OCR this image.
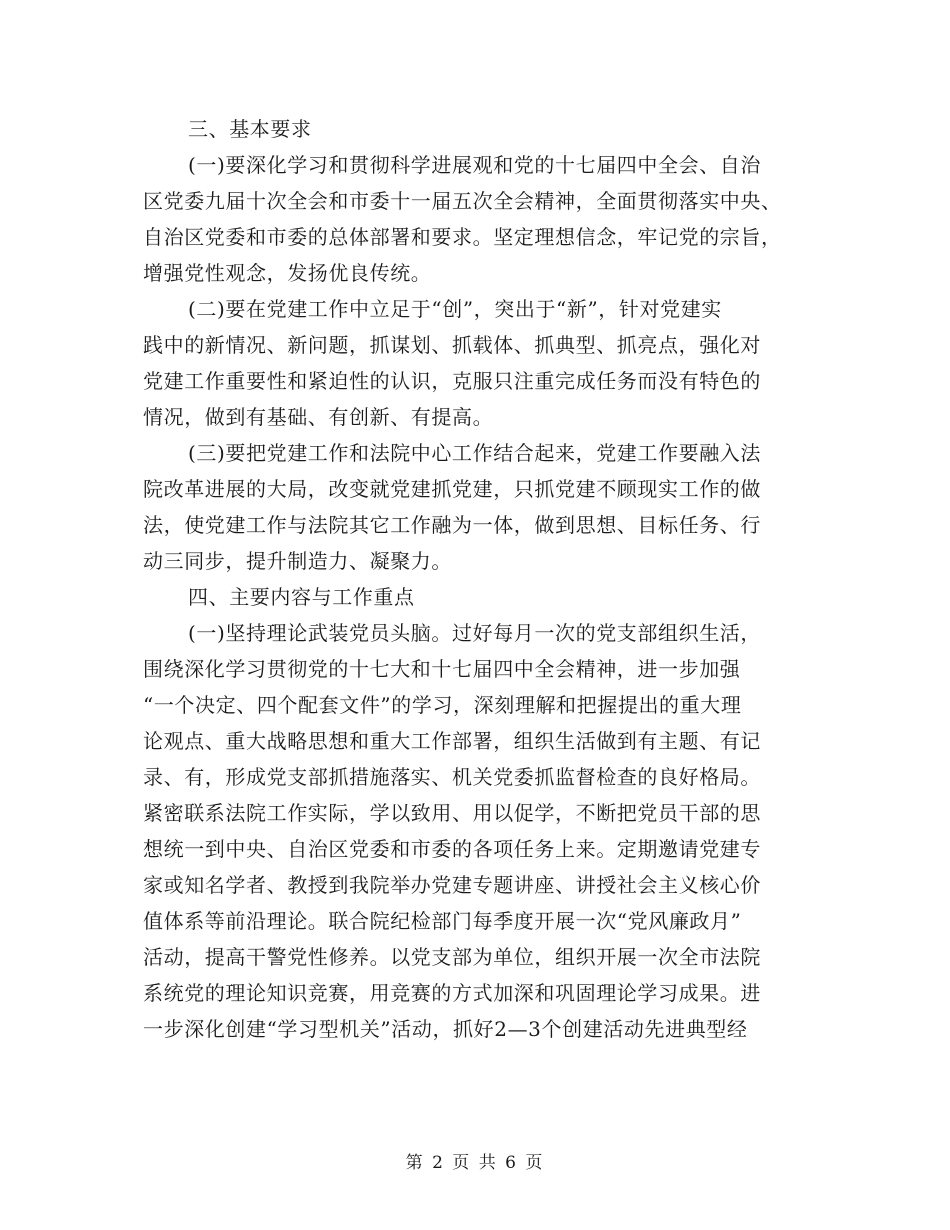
三、基本要求
(一)要深化学习和贯彻科学进展观和党的十七届四中全会、自治
区党委九届十次全会和市委十一届五次全会精神，全面贯彻落实中央、
自治区党委和市委的总体部署和要求。坚定理想信念，牢记党的宗旨，
增强党性观念，发扬优良传统。
(二)要在党建工作中立足于“创”，突出于“新”，针对党建实
践中的新情况、新问题，抓谋划、抓载体、抓典型、抓亮点，强化对
党建工作重要性和紧迫性的认识，克服只注重完成任务而没有特色的
情况，做到有基础、有创新、有提高。
(三)要把党建工作和法院中心工作结合起来，党建工作要融入法
院改革进展的大局，改变就党建抓党建，只抓党建不顾现实工作的做
法，使党建工作与法院其它工作融为一体，做到思想、目标任务、行
动三同步，提升制造力、凝聚力。
四、主要内容与工作重点
(一)坚持理论武装党员头脑。过好每月一次的党支部组织生活，
围绕深化学习贯彻党的十七大和十七届四中全会精神，进一步加强
“一个决定、四个配套文件”的学习，深刻理解和把握提出的重大理
论观点、重大战略思想和重大工作部署，组织生活做到有主题、有记
录、有，形成党支部抓措施落实、机关党委抓监督检查的良好格局。
紧密联系法院工作实际，学以致用、用以促学，不断把党员干部的思
想统一到中央、自治区党委和市委的各项任务上来。定期邀请党建专
家或知名学者、教授到我院举办党建专题讲座、讲授社会主义核心价
值体系等前沿理论。联合院纪检部门每季度开展一次“党风廉政月”
活动，提高干警党性修养。以党支部为单位，组织开展一次全市法院
系统党的理论知识竞赛，用竞赛的方式加深和巩固理论学习成果。进
一步深化创建“学习型机关”活动，抓好2—3个创建活动先进典型经
第 2 页 共 6 页
